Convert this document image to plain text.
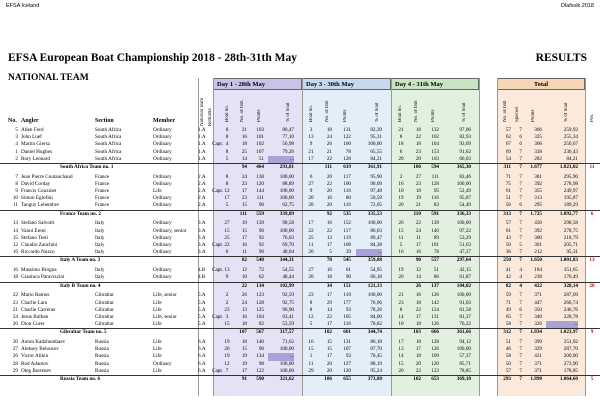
EFSA Iceland	Olafsvik 2018
EFSA European Boat Championship 2018 - 28th-31th May	RESULTS
NATIONAL TEAM
Day 1 - 28th May	Day 3 - 30th May	Day 4 - 31th May	Total
National team Remarks	Boat no.	No. of fish	Points	% of boat	Boat no.	No. of fish	Points	% of boat	Boat no.	No. of fish	Points	% of boat	No. of fish	Species	Points	% of boat	Pos.
No. Angler	Section	Member
5 Allen Ford	South Africa	Ordinary	1.A	8	21	103	80,47	3	18	131	82,39	21	18	132	97,06	57	7	366	259,92
3 John Luef	South Africa	Ordinary	1.A	8	16	101	77,10	13	24	122	95,31	8	22	102	82,93	62	6	325	255,34
4 Martin Giersz	South Africa	Ordinary	1.A Capt. 4	18	102	56,98	9	26	160	100,00	18	18	104	93,69	67	6	366	250,67
1 Daniel Hughes	South Africa	Ordinary	1.A	8	25	107	79,26	21	21	78	65,55	6	23	153	91,62	69	7	338	236,43
2 Rory Leonard	South Africa	Ordinary	1.A	5	14	51	...	17	22	128	84,21	20	20	103	66,03	54	7	282	84,21
South Africa Team no. 1	94	464	293,81	111	619	361,91	106	594	365,30	311	7	1.677	1.021,02	11
7 Jean Pierre Coutauchaud	France	Ordinary	2.A	8	24	138	100,00	6	20	117	95,90	2	27	111	83,46	71	7	381	295,90
8 David Corday	France	Ordinary	2.A	8	23	120	88,89	27	22	100	90,09	16	23	128	100,00	75	7	392	278,98
9 Francis Couzinet	France	Life	2.A Capt. 12	17	144	100,00	9	20	116	97,48	10	18	95	52,49	61	7	355	249,97
10 Simon Eglofini	France	Ordinary	2.A	17	23	111	100,00	20	16	80	50,59	19	19	116	95,87	51	7	313	195,87
11 Tanguy Lehembre	France	Ordinary	2.A	5	15	96	62,75	28	20	116	72,05	20	21	83	54,49	56	6	295	189,29
France Team no. 2	111	559	339,89	92	535	335,53	110	591	336,33	313	7	1.725	1.092,77	6
13 Stefano Salvotti	Italy	Ordinary	3.A	27	19	139	98,58	17	16	152	100,00	26	22	139	100,00	57	7	430	298,58
14 Vanni Ereni	Italy	Ordinary, senior 3.A	15	15	96	100,00	22	22	117	86,03	15	24	140	97,22	61	7	392	278,75
15 Stefano Testi	Italy	Ordinary	3.A	25	17	92	76,03	25	13	119	89,47	11	11	89	53,29	43	7	300	218,79
12 Claudio Zanchini	Italy	Ordinary	3.A Capt. 22	16	92	69,70	11	17	108	84,38	5	17	101	51,63	50	5	301	205,71
16 Riccardo Nuzzo	Italy	Ordinary	3.A	6	11	96	48,04	20	5	39	...	16	16	78	47,27	36	7	212	95,31
Italy A Team no. 3	82	548	344,31	78	545	359,88	90	557	297,64	250	7	1.650	1.001,83	13
16 Massimo Brogna	Italy	Ordinary	4.B Capt. 13	12	72	54,55	27	16	61	54,95	19	12	51	42,15	41	4	184	151,65
18 Gianluca Paravizzini	Italy	Ordinary	4.B	9	10	62	48,44	20	18	90	66,18	26	14	86	61,87	42	4	238	176,49
Italy B Team no. 4	22	134	102,99	34	151	121,13	26	137	104,02	82	4	422	328,14	20
22 Mario Ramos	Gibraltar	Life, senior	5.A	2	26	123	92,59	23	17	110	100,00	21	16	126	100,00	59	7	371	287,69
23 Charlie Lara	Gibraltar	Life	5.A	2	24	128	92,75	8	29	177	76,96	23	18	142	91,03	71	7	447	260,74
21 Charlie Carreras	Gibraltar	Life	5.A	23	13	125	96,90	8	14	93	78,26	8	22	124	81,58	49	6	350	246,76
24 Jesus Bulban	Gibraltar	Life, senior	5.A Capt. 3	16	104	63,41	12	22	105	84,00	14	17	131	81,37	65	7	340	228,78
20 Dion Curer	Gibraltar	Life	5.A	15	18	82	53,59	5	17	116	78,82	10	18	126	76,22	58	7	326	...
Gibraltar Team no. 5	107	567	317,57	102	601	344,74	103	666	361,66	312	7	1.834	1.023,97	9
30 Anton Kadzhumbaev	Russia	Life	6.A	19	18	140	71,62	16	15	131	86,18	17	18	128	94,12	51	7	399	251,92
27 Aleksey Belousov	Russia	Life	6.A	26	15	96	100,00	15	15	107	87,70	13	17	126	100,00	46	7	329	287,70
26 Victor Alikin	Russia	Life	6.A	19	19	134	...	1	17	93	70,45	14	18	109	57,37	58	7	421	200,00
28 Rod Adamov	Russia	Ordinary	6.A	12	19	98	100,00	11	20	127	88,19	15	20	120	85,71	50	7	371	273,90
29 Oleg Burtenev	Russia	Life	6.A Capt. 7	17	122	100,00	29	20	120	95,24	20	22	123	78,85	57	7	371	178,85
Russia Team no. 6	91	590	321,62	106	655	373,88	102	653	369,10	293	7	1.898	1.064,60	5
